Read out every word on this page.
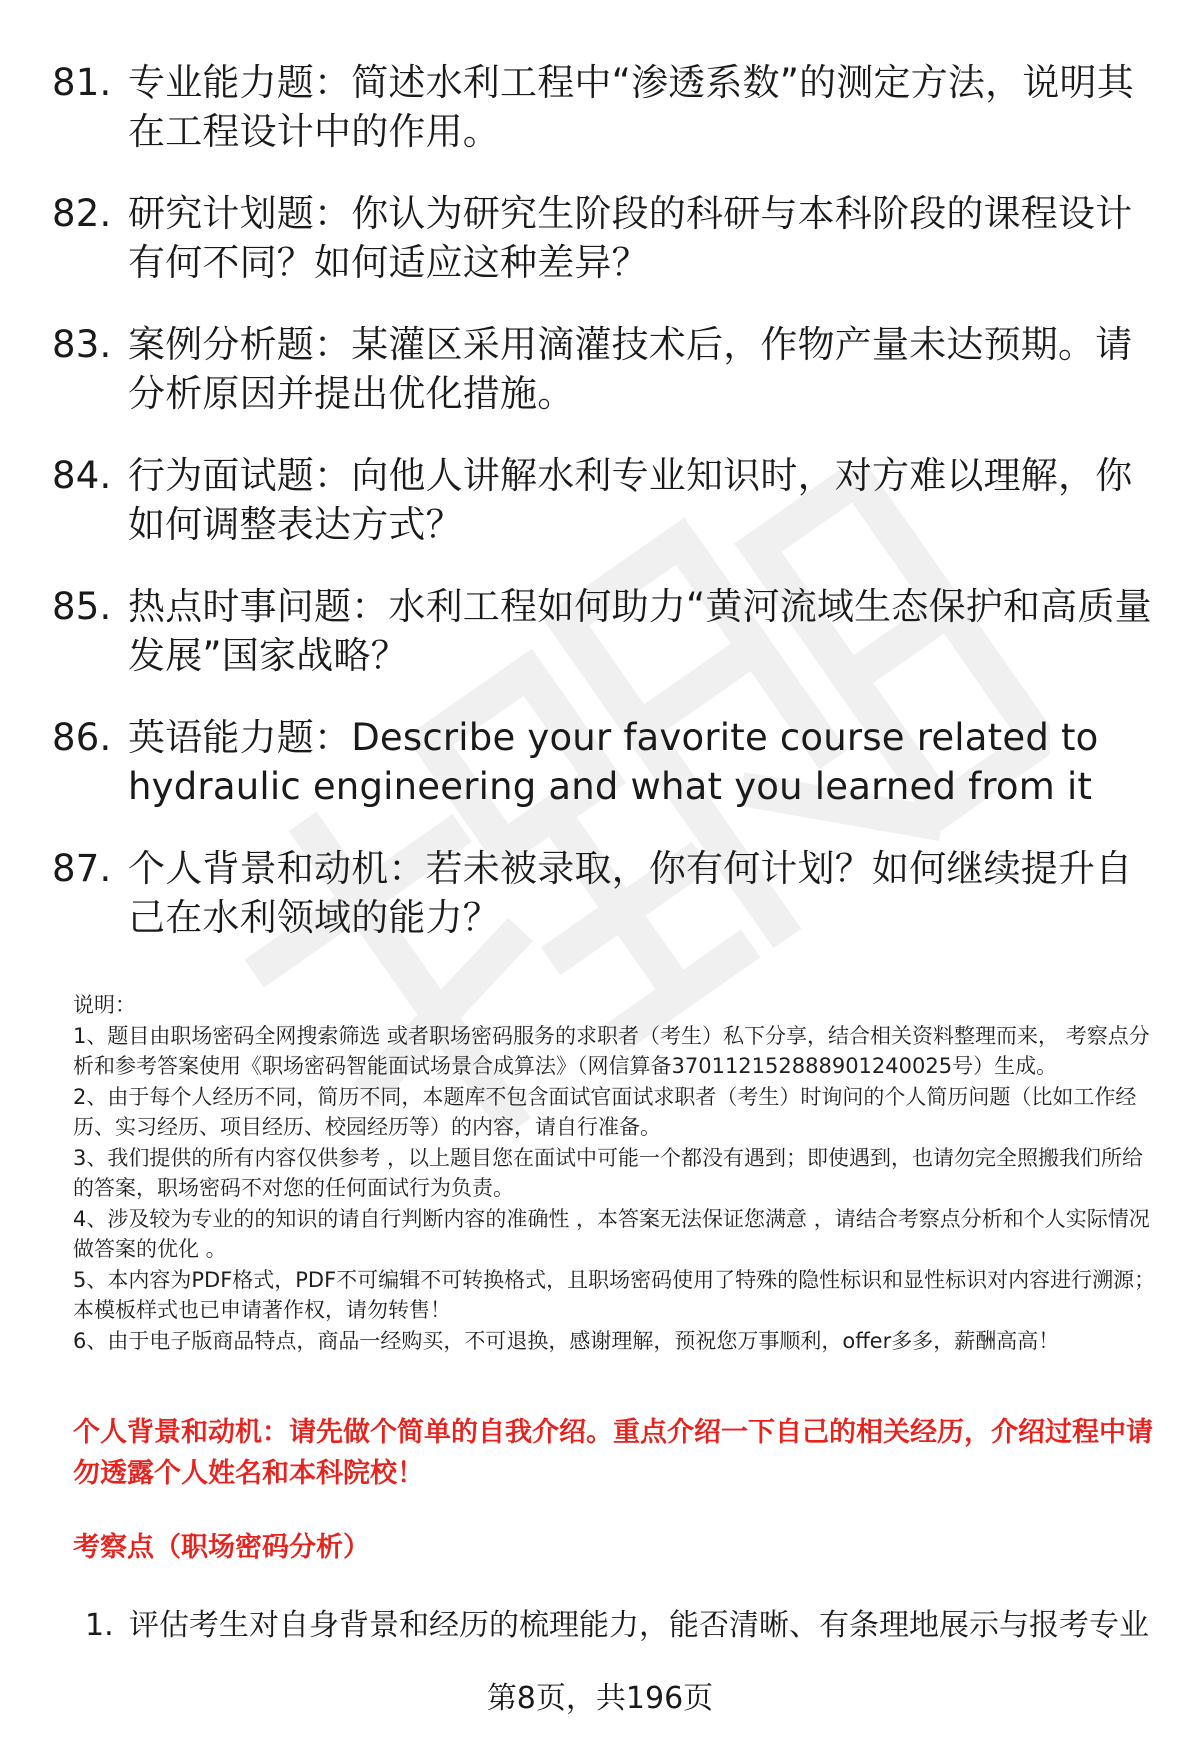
81. 专业能力题：简述水利工程中“渗透系数”的测定方法，说明其在工程设计中的作用。
82. 研究计划题：你认为研究生阶段的科研与本科阶段的课程设计有何不同？如何适应这种差异？
83. 案例分析题：某灌区采用滴灌技术后，作物产量未达预期。请分析原因并提出优化措施。
84. 行为面试题：向他人讲解水利专业知识时，对方难以理解，你如何调整表达方式？
85. 热点时事问题：水利工程如何助力“黄河流域生态保护和高质量发展”国家战略？
86. 英语能力题：Describe your favorite course related to hydraulic engineering and what you learned from it
87. 个人背景和动机：若未被录取，你有何计划？如何继续提升自己在水利领域的能力？

说明：

1、题目由职场密码全网搜索筛选 或者职场密码服务的求职者（考生）私下分享，结合相关资料整理而来， 考察点分析和参考答案使用《职场密码智能面试场景合成算法》（网信算备370112152888901240025号）生成。

2、由于每个人经历不同，简历不同，本题库不包含面试官面试求职者（考生）时询问的个人简历问题（比如工作经历、实习经历、项目经历、校园经历等）的内容，请自行准备。

3、我们提供的所有内容仅供参考 ，以上题目您在面试中可能一个都没有遇到；即使遇到，也请勿完全照搬我们所给的答案，职场密码不对您的任何面试行为负责。

4、涉及较为专业的的知识的请自行判断内容的准确性 ，本答案无法保证您满意 ，请结合考察点分析和个人实际情况做答案的优化 。

5、本内容为PDF格式，PDF不可编辑不可转换格式，且职场密码使用了特殊的隐性标识和显性标识对内容进行溯源；本模板样式也已申请著作权，请勿转售！

6、由于电子版商品特点，商品一经购买，不可退换，感谢理解，预祝您万事顺利，offer多多，薪酬高高！

个人背景和动机：请先做个简单的自我介绍。重点介绍一下自己的相关经历，介绍过程中请勿透露个人姓名和本科院校！
考察点（职场密码分析）
1. 评估考生对自身背景和经历的梳理能力，能否清晰、有条理地展示与报考专业
第8页，共196页
